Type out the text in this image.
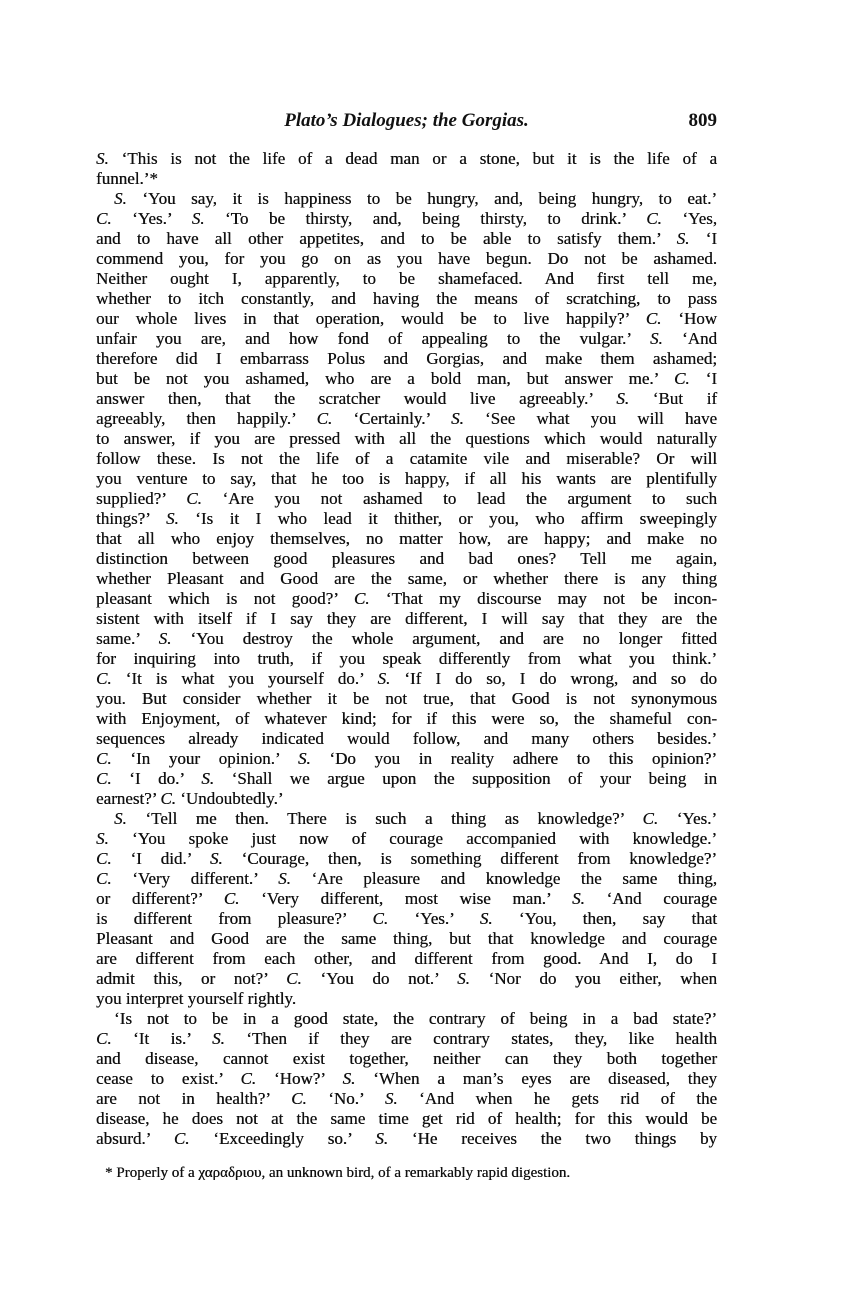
Plato’s Dialogues; the Gorgias.	809
S. ‘This is not the life of a dead man or a stone, but it is the life of a
funnel.’*
S. ‘You say, it is happiness to be hungry, and, being hungry, to eat.’
C. ‘Yes.’ S. ‘To be thirsty, and, being thirsty, to drink.’ C. ‘Yes,
and to have all other appetites, and to be able to satisfy them.’ S. ‘I
commend you, for you go on as you have begun. Do not be ashamed.
Neither ought I, apparently, to be shamefaced. And first tell me,
whether to itch constantly, and having the means of scratching, to pass
our whole lives in that operation, would be to live happily?’ C. ‘How
unfair you are, and how fond of appealing to the vulgar.’ S. ‘And
therefore did I embarrass Polus and Gorgias, and make them ashamed;
but be not you ashamed, who are a bold man, but answer me.’ C. ‘I
answer then, that the scratcher would live agreeably.’ S. ‘But if
agreeably, then happily.’ C. ‘Certainly.’ S. ‘See what you will have
to answer, if you are pressed with all the questions which would naturally
follow these. Is not the life of a catamite vile and miserable? Or will
you venture to say, that he too is happy, if all his wants are plentifully
supplied?’ C. ‘Are you not ashamed to lead the argument to such
things?’ S. ‘Is it I who lead it thither, or you, who affirm sweepingly
that all who enjoy themselves, no matter how, are happy; and make no
distinction between good pleasures and bad ones? Tell me again,
whether Pleasant and Good are the same, or whether there is any thing
pleasant which is not good?’ C. ‘That my discourse may not be incon-
sistent with itself if I say they are different, I will say that they are the
same.’ S. ‘You destroy the whole argument, and are no longer fitted
for inquiring into truth, if you speak differently from what you think.’
C. ‘It is what you yourself do.’ S. ‘If I do so, I do wrong, and so do
you. But consider whether it be not true, that Good is not synonymous
with Enjoyment, of whatever kind; for if this were so, the shameful con-
sequences already indicated would follow, and many others besides.’
C. ‘In your opinion.’ S. ‘Do you in reality adhere to this opinion?’
C. ‘I do.’ S. ‘Shall we argue upon the supposition of your being in
earnest?’ C. ‘Undoubtedly.’
S. ‘Tell me then. There is such a thing as knowledge?’ C. ‘Yes.’
S. ‘You spoke just now of courage accompanied with knowledge.’
C. ‘I did.’ S. ‘Courage, then, is something different from knowledge?’
C. ‘Very different.’ S. ‘Are pleasure and knowledge the same thing,
or different?’ C. ‘Very different, most wise man.’ S. ‘And courage
is different from pleasure?’ C. ‘Yes.’ S. ‘You, then, say that
Pleasant and Good are the same thing, but that knowledge and courage
are different from each other, and different from good. And I, do I
admit this, or not?’ C. ‘You do not.’ S. ‘Nor do you either, when
you interpret yourself rightly.
‘Is not to be in a good state, the contrary of being in a bad state?’
C. ‘It is.’ S. ‘Then if they are contrary states, they, like health
and disease, cannot exist together, neither can they both together
cease to exist.’ C. ‘How?’ S. ‘When a man’s eyes are diseased, they
are not in health?’ C. ‘No.’ S. ‘And when he gets rid of the
disease, he does not at the same time get rid of health; for this would be
absurd.’ C. ‘Exceedingly so.’ S. ‘He receives the two things by
* Properly of a χαραδριου, an unknown bird, of a remarkably rapid digestion.
